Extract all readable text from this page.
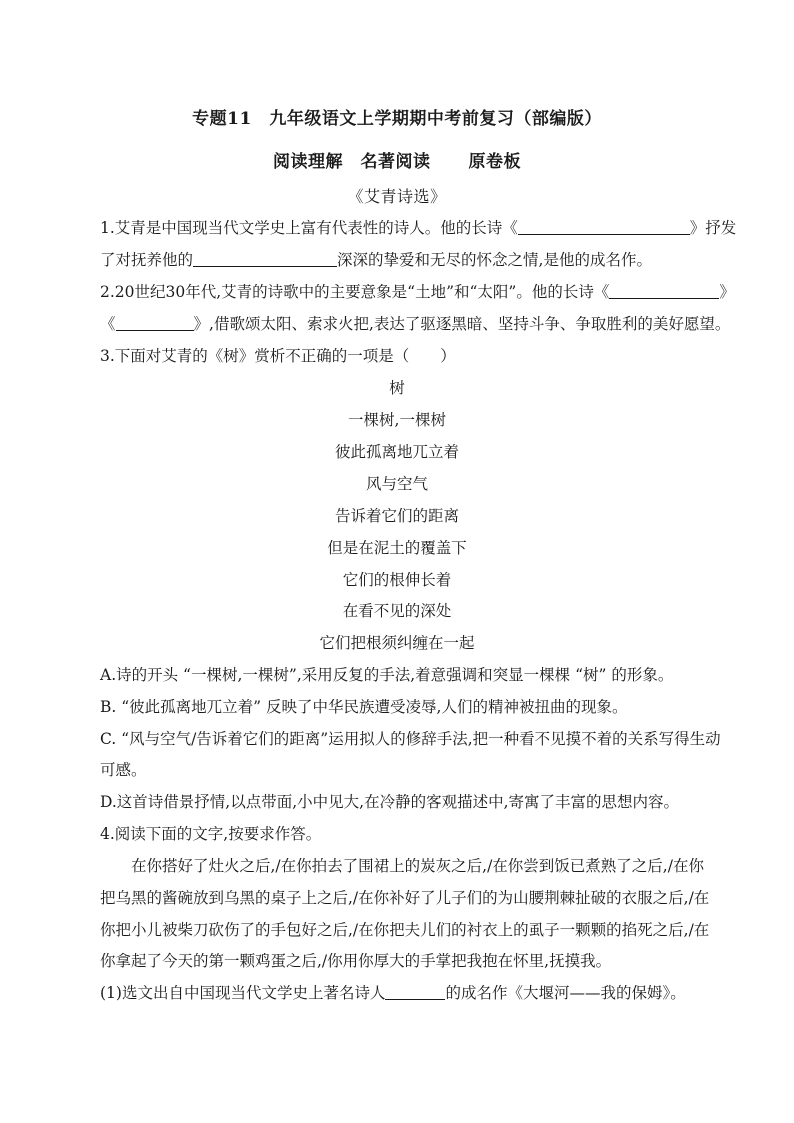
专题11　九年级语文上学期期中考前复习（部编版）
阅读理解　名著阅读　 原卷板
《艾青诗选》
1.艾青是中国现当代文学史上富有代表性的诗人。他的长诗《	》抒发
了对抚养他的	深深的挚爱和无尽的怀念之情,是他的成名作。
2.20世纪30年代,艾青的诗歌中的主要意象是“土地”和“太阳”。他的长诗《	》
《	》,借歌颂太阳、索求火把,表达了驱逐黑暗、坚持斗争、争取胜利的美好愿望。
3.下面对艾青的《树》赏析不正确的一项是（　　）
树
一棵树,一棵树
彼此孤离地兀立着
风与空气
告诉着它们的距离
但是在泥土的覆盖下
它们的根伸长着
在看不见的深处
它们把根须纠缠在一起
A.诗的开头 “一棵树,一棵树”,采用反复的手法,着意强调和突显一棵棵 “树” 的形象。
B. “彼此孤离地兀立着” 反映了中华民族遭受凌辱,人们的精神被扭曲的现象。
C. “风与空气/告诉着它们的距离”运用拟人的修辞手法,把一种看不见摸不着的关系写得生动
可感。
D.这首诗借景抒情,以点带面,小中见大,在冷静的客观描述中,寄寓了丰富的思想内容。
4.阅读下面的文字,按要求作答。
在你搭好了灶火之后,/在你拍去了围裙上的炭灰之后,/在你尝到饭已煮熟了之后,/在你
把乌黑的酱碗放到乌黑的桌子上之后,/在你补好了儿子们的为山腰荆棘扯破的衣服之后,/在
你把小儿被柴刀砍伤了的手包好之后,/在你把夫儿们的衬衣上的虱子一颗颗的掐死之后,/在
你拿起了今天的第一颗鸡蛋之后,/你用你厚大的手掌把我抱在怀里,抚摸我。
(1)选文出自中国现当代文学史上著名诗人	的成名作《大堰河——我的保姆》。
